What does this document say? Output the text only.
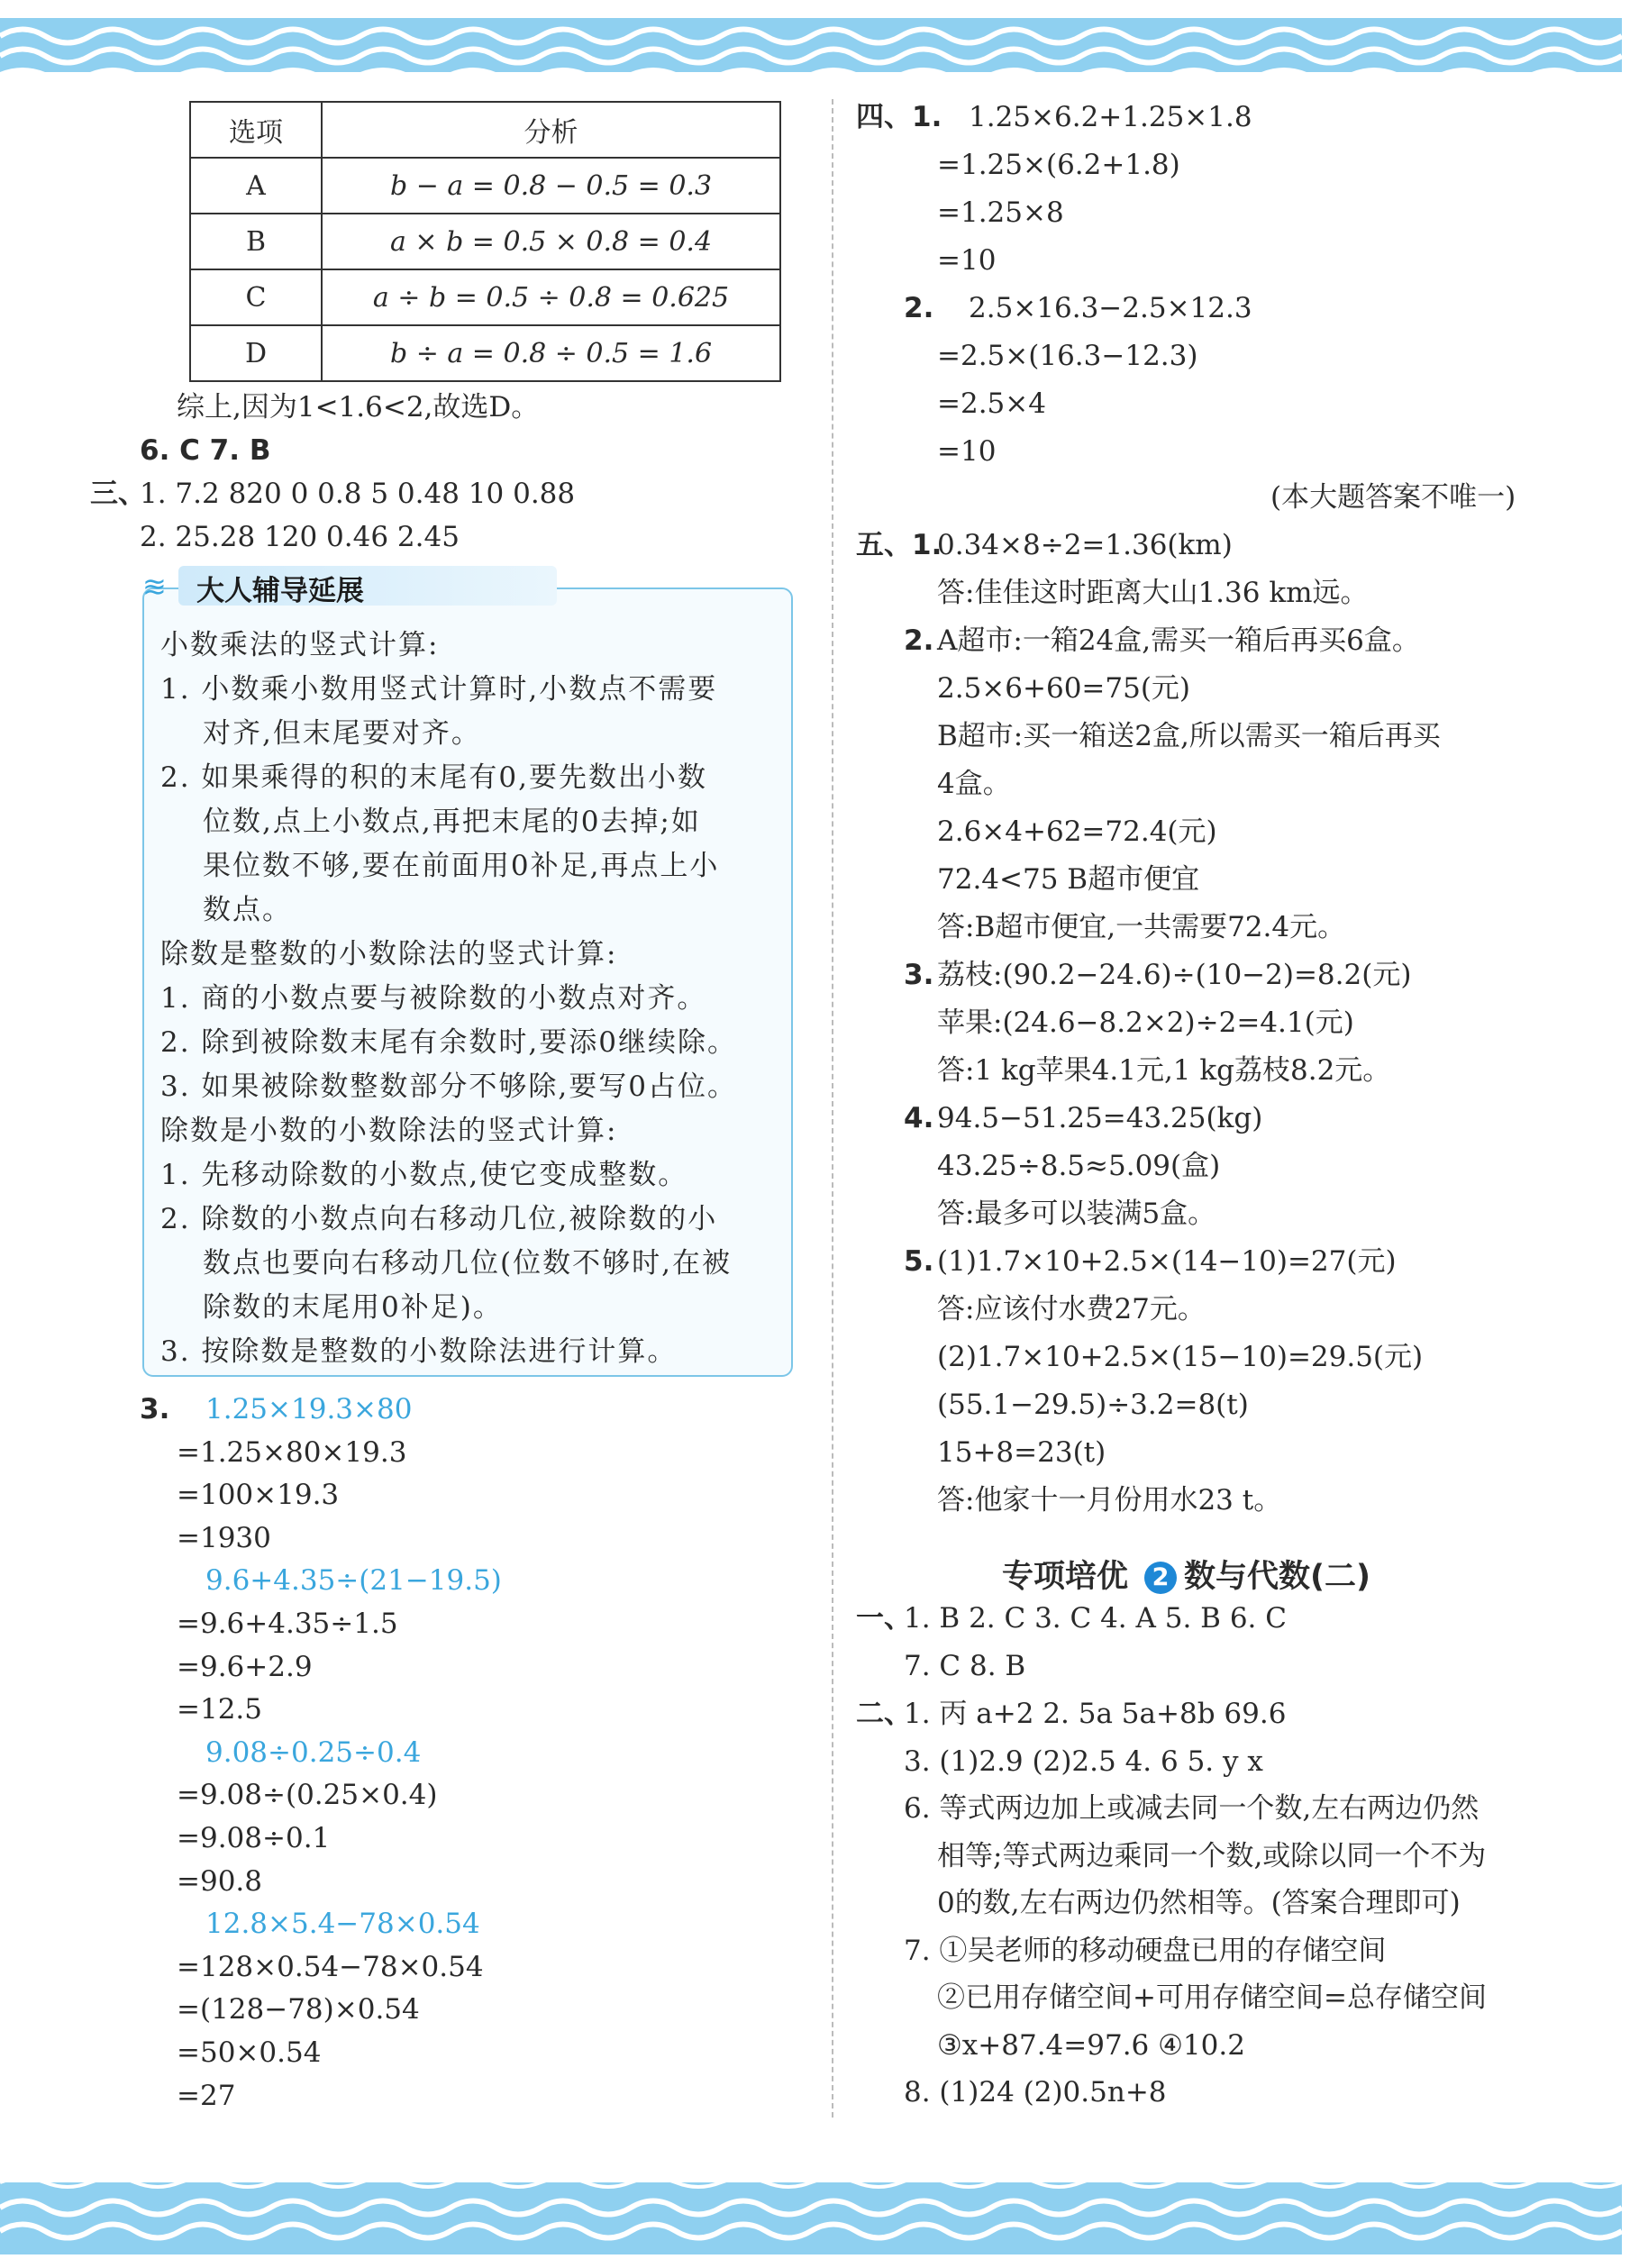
选项	分析
A	b − a = 0.8 − 0.5 = 0.3
B	a × b = 0.5 × 0.8 = 0.4
C	a ÷ b = 0.5 ÷ 0.8 = 0.625
D	b ÷ a = 0.8 ÷ 0.5 = 1.6
综上,因为1<1.6<2,故选D。
6. C 7. B
三、
1. 7.2 820 0 0.8 5 0.48 10 0.88
2. 25.28 120 0.46 2.45
≋ 大人辅导延展
小数乘法的竖式计算:
1. 小数乘小数用竖式计算时,小数点不需要
对齐,但末尾要对齐。
2. 如果乘得的积的末尾有0,要先数出小数
位数,点上小数点,再把末尾的0去掉;如
果位数不够,要在前面用0补足,再点上小
数点。
除数是整数的小数除法的竖式计算:
1. 商的小数点要与被除数的小数点对齐。
2. 除到被除数末尾有余数时,要添0继续除。
3. 如果被除数整数部分不够除,要写0占位。
除数是小数的小数除法的竖式计算:
1. 先移动除数的小数点,使它变成整数。
2. 除数的小数点向右移动几位,被除数的小
数点也要向右移动几位(位数不够时,在被
除数的末尾用0补足)。
3. 按除数是整数的小数除法进行计算。
3. 1.25×19.3×80
=1.25×80×19.3
=100×19.3
=1930
9.6+4.35÷(21−19.5)
=9.6+4.35÷1.5
=9.6+2.9
=12.5
9.08÷0.25÷0.4
=9.08÷(0.25×0.4)
=9.08÷0.1
=90.8
12.8×5.4−78×0.54
=128×0.54−78×0.54
=(128−78)×0.54
=50×0.54
=27
四、1. 1.25×6.2+1.25×1.8
=1.25×(6.2+1.8)
=1.25×8
=10
2. 2.5×16.3−2.5×12.3
=2.5×(16.3−12.3)
=2.5×4
=10
(本大题答案不唯一)
五、1.
0.34×8÷2=1.36(km)
答:佳佳这时距离大山1.36 km远。
A超市:一箱24盒,需买一箱后再买6盒。
2.5×6+60=75(元)
B超市:买一箱送2盒,所以需买一箱后再买
4盒。
2.6×4+62=72.4(元)
72.4<75 B超市便宜
答:B超市便宜,一共需要72.4元。
荔枝:(90.2−24.6)÷(10−2)=8.2(元)
苹果:(24.6−8.2×2)÷2=4.1(元)
答:1 kg苹果4.1元,1 kg荔枝8.2元。
94.5−51.25=43.25(kg)
43.25÷8.5≈5.09(盒)
答:最多可以装满5盒。
(1)1.7×10+2.5×(14−10)=27(元)
答:应该付水费27元。
(2)1.7×10+2.5×(15−10)=29.5(元)
(55.1−29.5)÷3.2=8(t)
15+8=23(t)
答:他家十一月份用水23 t。
2.
3.
4.
5.
专项培优 2 数与代数(二)
一、
1. B 2. C 3. C 4. A 5. B 6. C
7. C 8. B
二、
1. 丙 a+2 2. 5a 5a+8b 69.6
3. (1)2.9 (2)2.5 4. 6 5. y x
6. 等式两边加上或减去同一个数,左右两边仍然
相等;等式两边乘同一个数,或除以同一个不为
0的数,左右两边仍然相等。(答案合理即可)
7. ①吴老师的移动硬盘已用的存储空间
②已用存储空间+可用存储空间=总存储空间
③x+87.4=97.6 ④10.2
8. (1)24 (2)0.5n+8
